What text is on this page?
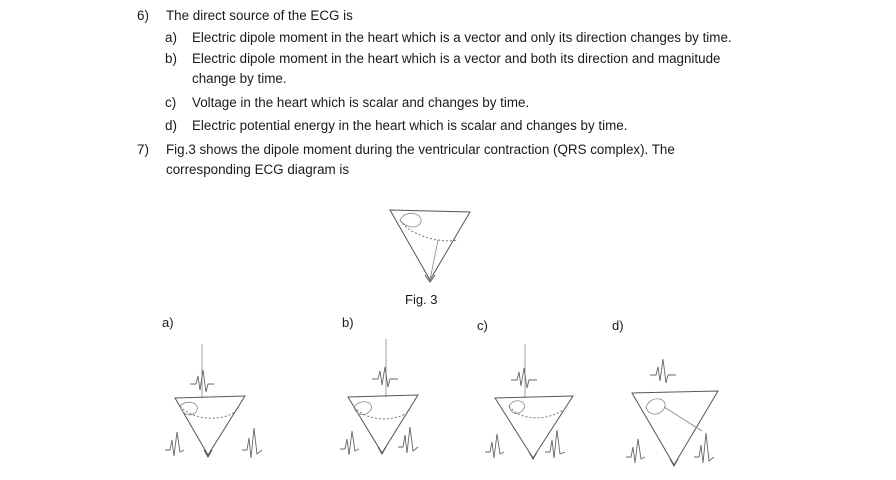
6) The direct source of the ECG is
a) Electric dipole moment in the heart which is a vector and only its direction changes by time.
b) Electric dipole moment in the heart which is a vector and both its direction and magnitude
change by time.
c) Voltage in the heart which is scalar and changes by time.
d) Electric potential energy in the heart which is scalar and changes by time.
7) Fig.3 shows the dipole moment during the ventricular contraction (QRS complex). The
corresponding ECG diagram is
Fig. 3
a)	b)	c)	d)
